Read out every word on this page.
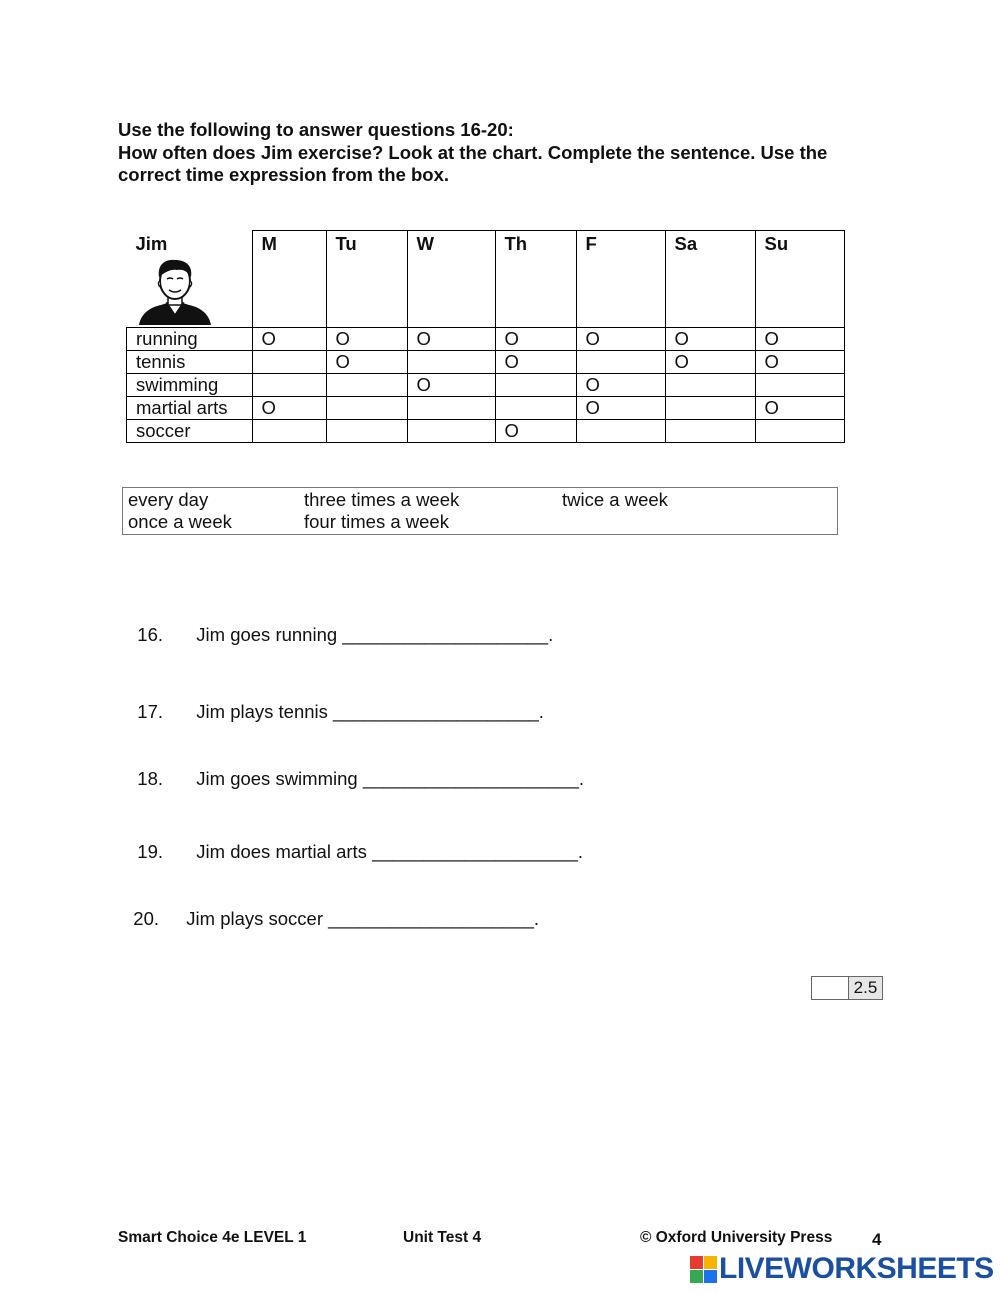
Use the following to answer questions 16-20:
How often does Jim exercise? Look at the chart. Complete the sentence. Use the
correct time expression from the box.
Jim	M	Tu	W	Th	F	Sa	Su
running	O	O	O	O	O	O	O
tennis		O		O		O	O
swimming			O		O		
martial arts	O				O		O
soccer				O			
every day	three times a week	twice a week
once a week	four times a week

16. Jim goes running ____________________.

17. Jim plays tennis ____________________.

18. Jim goes swimming _____________________.

19. Jim does martial arts ____________________.

20. Jim plays soccer ____________________.

2.5
Smart Choice 4e LEVEL 1	Unit Test 4	© Oxford University Press 4
LIVEWORKSHEETS
